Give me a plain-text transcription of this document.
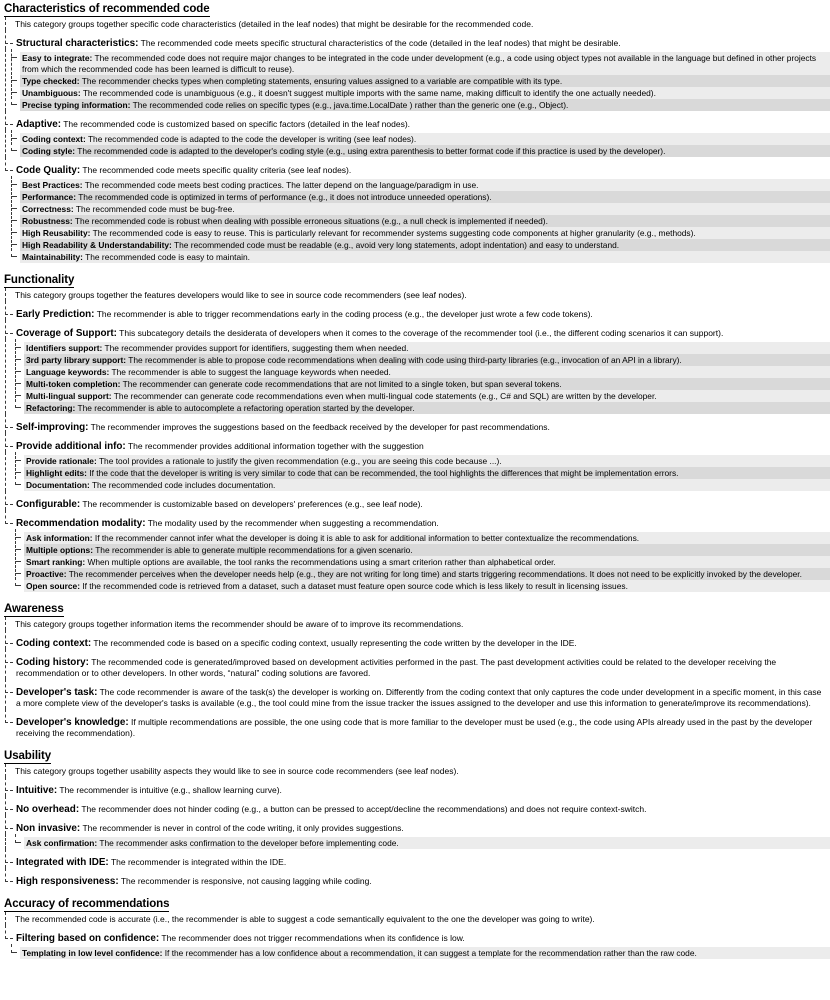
Characteristics of recommended code
This category groups together specific code characteristics (detailed in the leaf nodes) that might be desirable for the recommended code.
Structural characteristics: The recommended code meets specific structural characteristics of the code (detailed in the leaf nodes) that might be desirable.
Easy to integrate: The recommended code does not require major changes to be integrated in the code under development (e.g., a code using object types not available in the language but defined in other projects from which the recommended code has been learned is difficult to reuse).
Type checked: The recommender checks types when completing statements, ensuring values assigned to a variable are compatible with its type.
Unambiguous: The recommended code is unambiguous (e.g., it doesn't suggest multiple imports with the same name, making difficult to identify the one actually needed).
Precise typing information: The recommended code relies on specific types (e.g., java.time.LocalDate ) rather than the generic one (e.g., Object).
Adaptive: The recommended code is customized based on specific factors (detailed in the leaf nodes).
Coding context: The recommended code is adapted to the code the developer is writing (see leaf nodes).
Coding style: The recommended code is adapted to the developer's coding style (e.g., using extra parenthesis to better format code if this practice is used by the developer).
Code Quality: The recommended code meets specific quality criteria (see leaf nodes).
Best Practices: The recommended code meets best coding practices. The latter depend on the language/paradigm in use.
Performance: The recommended code is optimized in terms of performance (e.g., it does not introduce unneeded operations).
Correctness: The recommended code must be bug-free.
Robustness: The recommended code is robust when dealing with possible erroneous situations (e.g., a null check is implemented if needed).
High Reusability: The recommended code is easy to reuse. This is particularly relevant for recommender systems suggesting code components at higher granularity (e.g., methods).
High Readability & Understandability: The recommended code must be readable (e.g., avoid very long statements, adopt indentation) and easy to understand.
Maintainability: The recommended code is easy to maintain.
Functionality
This category groups together the features developers would like to see in source code recommenders (see leaf nodes).
Early Prediction: The recommender is able to trigger recommendations early in the coding process (e.g., the developer just wrote a few code tokens).
Coverage of Support: This subcategory details the desiderata of developers when it comes to the coverage of the recommender tool (i.e., the different coding scenarios it can support).
Identifiers support: The recommender provides support for identifiers, suggesting them when needed.
3rd party library support: The recommender is able to propose code recommendations when dealing with code using third-party libraries (e.g., invocation of an API in a library).
Language keywords: The recommender is able to suggest the language keywords when needed.
Multi-token completion: The recommender can generate code recommendations that are not limited to a single token, but span several tokens.
Multi-lingual support: The recommender can generate code recommendations even when multi-lingual code statements (e.g., C# and SQL) are written by the developer.
Refactoring: The recommender is able to autocomplete a refactoring operation started by the developer.
Self-improving: The recommender improves the suggestions based on the feedback received by the developer for past recommendations.
Provide additional info: The recommender provides additional information together with the suggestion
Provide rationale: The tool provides a rationale to justify the given recommendation (e.g., you are seeing this code because ...).
Highlight edits: If the code that the developer is writing is very similar to code that can be recommended, the tool highlights the differences that might be implementation errors.
Documentation: The recommended code includes documentation.
Configurable: The recommender is customizable based on developers' preferences (e.g., see leaf node).
Recommendation modality: The modality used by the recommender when suggesting a recommendation.
Ask information: If the recommender cannot infer what the developer is doing it is able to ask for additional information to better contextualize the recommendations.
Multiple options: The recommender is able to generate multiple recommendations for a given scenario.
Smart ranking: When multiple options are available, the tool ranks the recommendations using a smart criterion rather than alphabetical order.
Proactive: The recommender perceives when the developer needs help (e.g., they are not writing for long time) and starts triggering recommendations. It does not need to be explicitly invoked by the developer.
Open source: If the recommended code is retrieved from a dataset, such a dataset must feature open source code which is less likely to result in licensing issues.
Awareness
This category groups together information items the recommender should be aware of to improve its recommendations.
Coding context: The recommended code is based on a specific coding context, usually representing the code written by the developer in the IDE.
Coding history: The recommended code is generated/improved based on development activities performed in the past. The past development activities could be related to the developer receiving the recommendation or to other developers. In other words, “natural” coding solutions are favored.
Developer's task: The code recommender is aware of the task(s) the developer is working on. Differently from the coding context that only captures the code under development in a specific moment, in this case a more complete view of the developer's tasks is available (e.g., the tool could mine from the issue tracker the issues assigned to the developer and use this information to generate/improve its recommendations).
Developer's knowledge: If multiple recommendations are possible, the one using code that is more familiar to the developer must be used (e.g., the code using APIs already used in the past by the developer receiving the recommendation).
Usability
This category groups together usability aspects they would like to see in source code recommenders (see leaf nodes).
Intuitive: The recommender is intuitive (e.g., shallow learning curve).
No overhead: The recommender does not hinder coding (e.g., a button can be pressed to accept/decline the recommendations) and does not require context-switch.
Non invasive: The recommender is never in control of the code writing, it only provides suggestions.
Ask confirmation: The recommender asks confirmation to the developer before implementing code.
Integrated with IDE: The recommender is integrated within the IDE.
High responsiveness: The recommender is responsive, not causing lagging while coding.
Accuracy of recommendations
The recommended code is accurate (i.e., the recommender is able to suggest a code semantically equivalent to the one the developer was going to write).
Filtering based on confidence: The recommender does not trigger recommendations when its confidence is low.
Templating in low level confidence: If the recommender has a low confidence about a recommendation, it can suggest a template for the recommendation rather than the raw code.
